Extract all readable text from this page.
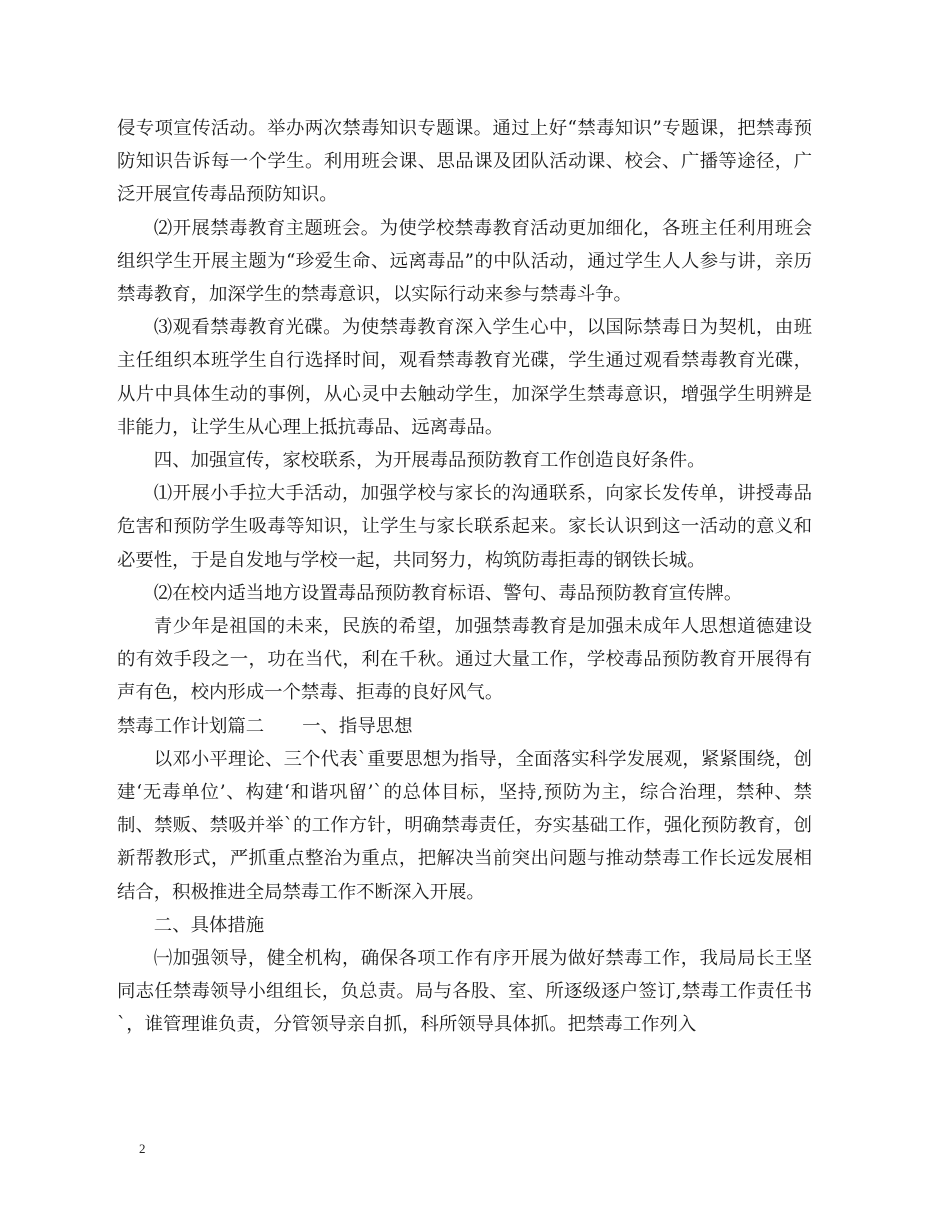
侵专项宣传活动。举办两次禁毒知识专题课。通过上好“禁毒知识”专题课，把禁毒预防知识告诉每一个学生。利用班会课、思品课及团队活动课、校会、广播等途径，广泛开展宣传毒品预防知识。

⑵开展禁毒教育主题班会。为使学校禁毒教育活动更加细化，各班主任利用班会组织学生开展主题为“珍爱生命、远离毒品”的中队活动，通过学生人人参与讲，亲历禁毒教育，加深学生的禁毒意识，以实际行动来参与禁毒斗争。

⑶观看禁毒教育光碟。为使禁毒教育深入学生心中，以国际禁毒日为契机，由班主任组织本班学生自行选择时间，观看禁毒教育光碟，学生通过观看禁毒教育光碟，从片中具体生动的事例，从心灵中去触动学生，加深学生禁毒意识，增强学生明辨是非能力，让学生从心理上抵抗毒品、远离毒品。

四、加强宣传，家校联系，为开展毒品预防教育工作创造良好条件。

⑴开展小手拉大手活动，加强学校与家长的沟通联系，向家长发传单，讲授毒品危害和预防学生吸毒等知识，让学生与家长联系起来。家长认识到这一活动的意义和必要性，于是自发地与学校一起，共同努力，构筑防毒拒毒的钢铁长城。

⑵在校内适当地方设置毒品预防教育标语、警句、毒品预防教育宣传牌。

青少年是祖国的未来，民族的希望，加强禁毒教育是加强未成年人思想道德建设的有效手段之一，功在当代，利在千秋。通过大量工作，学校毒品预防教育开展得有声有色，校内形成一个禁毒、拒毒的良好风气。

禁毒工作计划篇二 一、指导思想

以邓小平理论、三个代表`重要思想为指导，全面落实科学发展观，紧紧围绕，创建‘无毒单位’、构建‘和谐巩留’`的总体目标，坚持,预防为主，综合治理，禁种、禁制、禁贩、禁吸并举`的工作方针，明确禁毒责任，夯实基础工作，强化预防教育，创新帮教形式，严抓重点整治为重点，把解决当前突出问题与推动禁毒工作长远发展相结合，积极推进全局禁毒工作不断深入开展。

二、具体措施

㈠加强领导，健全机构，确保各项工作有序开展为做好禁毒工作，我局局长王坚同志任禁毒领导小组组长，负总责。局与各股、室、所逐级逐户签订,禁毒工作责任书`，谁管理谁负责，分管领导亲自抓，科所领导具体抓。把禁毒工作列入

2
